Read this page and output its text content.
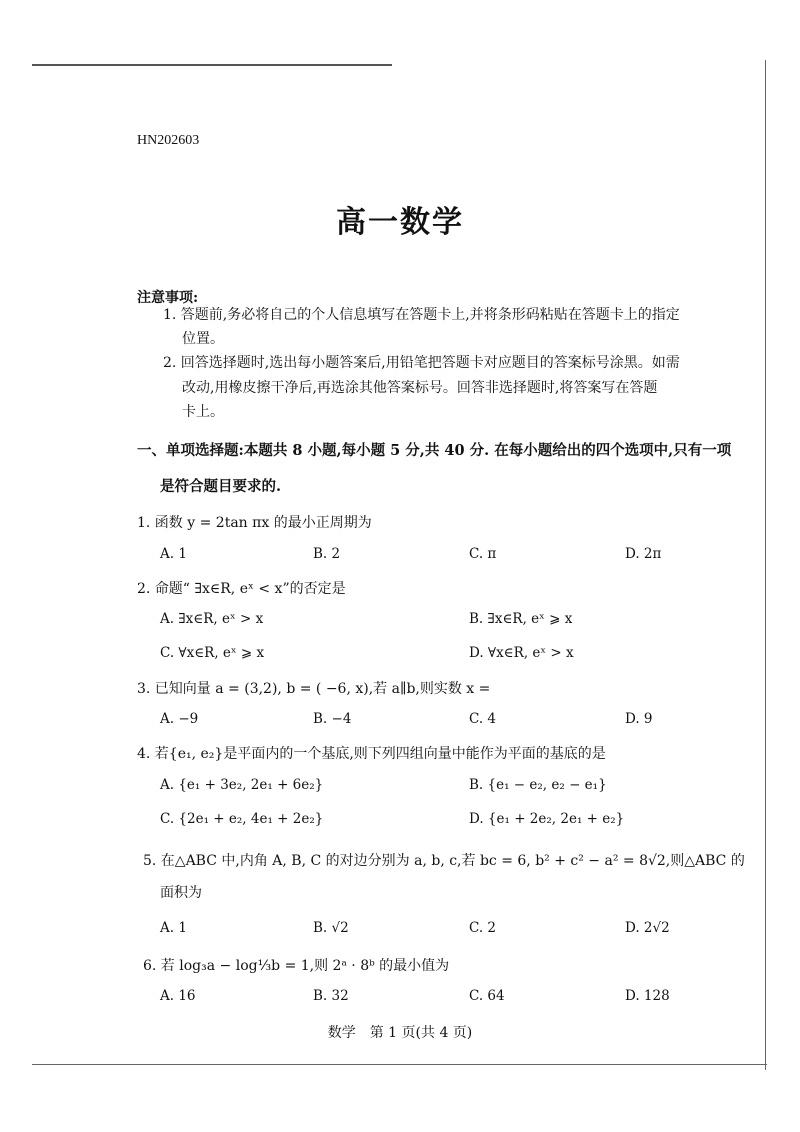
HN202603
高一数学
注意事项:
1. 答题前,务必将自己的个人信息填写在答题卡上,并将条形码粘贴在答题卡上的指定
位置。
2. 回答选择题时,选出每小题答案后,用铅笔把答题卡对应题目的答案标号涂黑。如需
改动,用橡皮擦干净后,再选涂其他答案标号。回答非选择题时,将答案写在答题
卡上。
一、单项选择题:本题共 8 小题,每小题 5 分,共 40 分. 在每小题给出的四个选项中,只有一项
是符合题目要求的.
1. 函数 y = 2tan πx 的最小正周期为
A. 1	B. 2	C. π	D. 2π
2. 命题“ ∃x∈R, eˣ < x”的否定是
A. ∃x∈R, eˣ > x	B. ∃x∈R, eˣ ⩾ x
C. ∀x∈R, eˣ ⩾ x	D. ∀x∈R, eˣ > x
3. 已知向量 a = (3,2), b = ( −6, x),若 a∥b,则实数 x =
A. −9	B. −4	C. 4	D. 9
4. 若{e₁, e₂}是平面内的一个基底,则下列四组向量中能作为平面的基底的是
A. {e₁ + 3e₂, 2e₁ + 6e₂}	B. {e₁ − e₂, e₂ − e₁}
C. {2e₁ + e₂, 4e₁ + 2e₂}	D. {e₁ + 2e₂, 2e₁ + e₂}
5. 在△ABC 中,内角 A, B, C 的对边分别为 a, b, c,若 bc = 6, b² + c² − a² = 8√2,则△ABC 的
面积为
A. 1	B. √2	C. 2	D. 2√2
6. 若 log₃a − log⅓b = 1,则 2ᵃ · 8ᵇ 的最小值为
A. 16	B. 32	C. 64	D. 128
数学　第 1 页(共 4 页)
